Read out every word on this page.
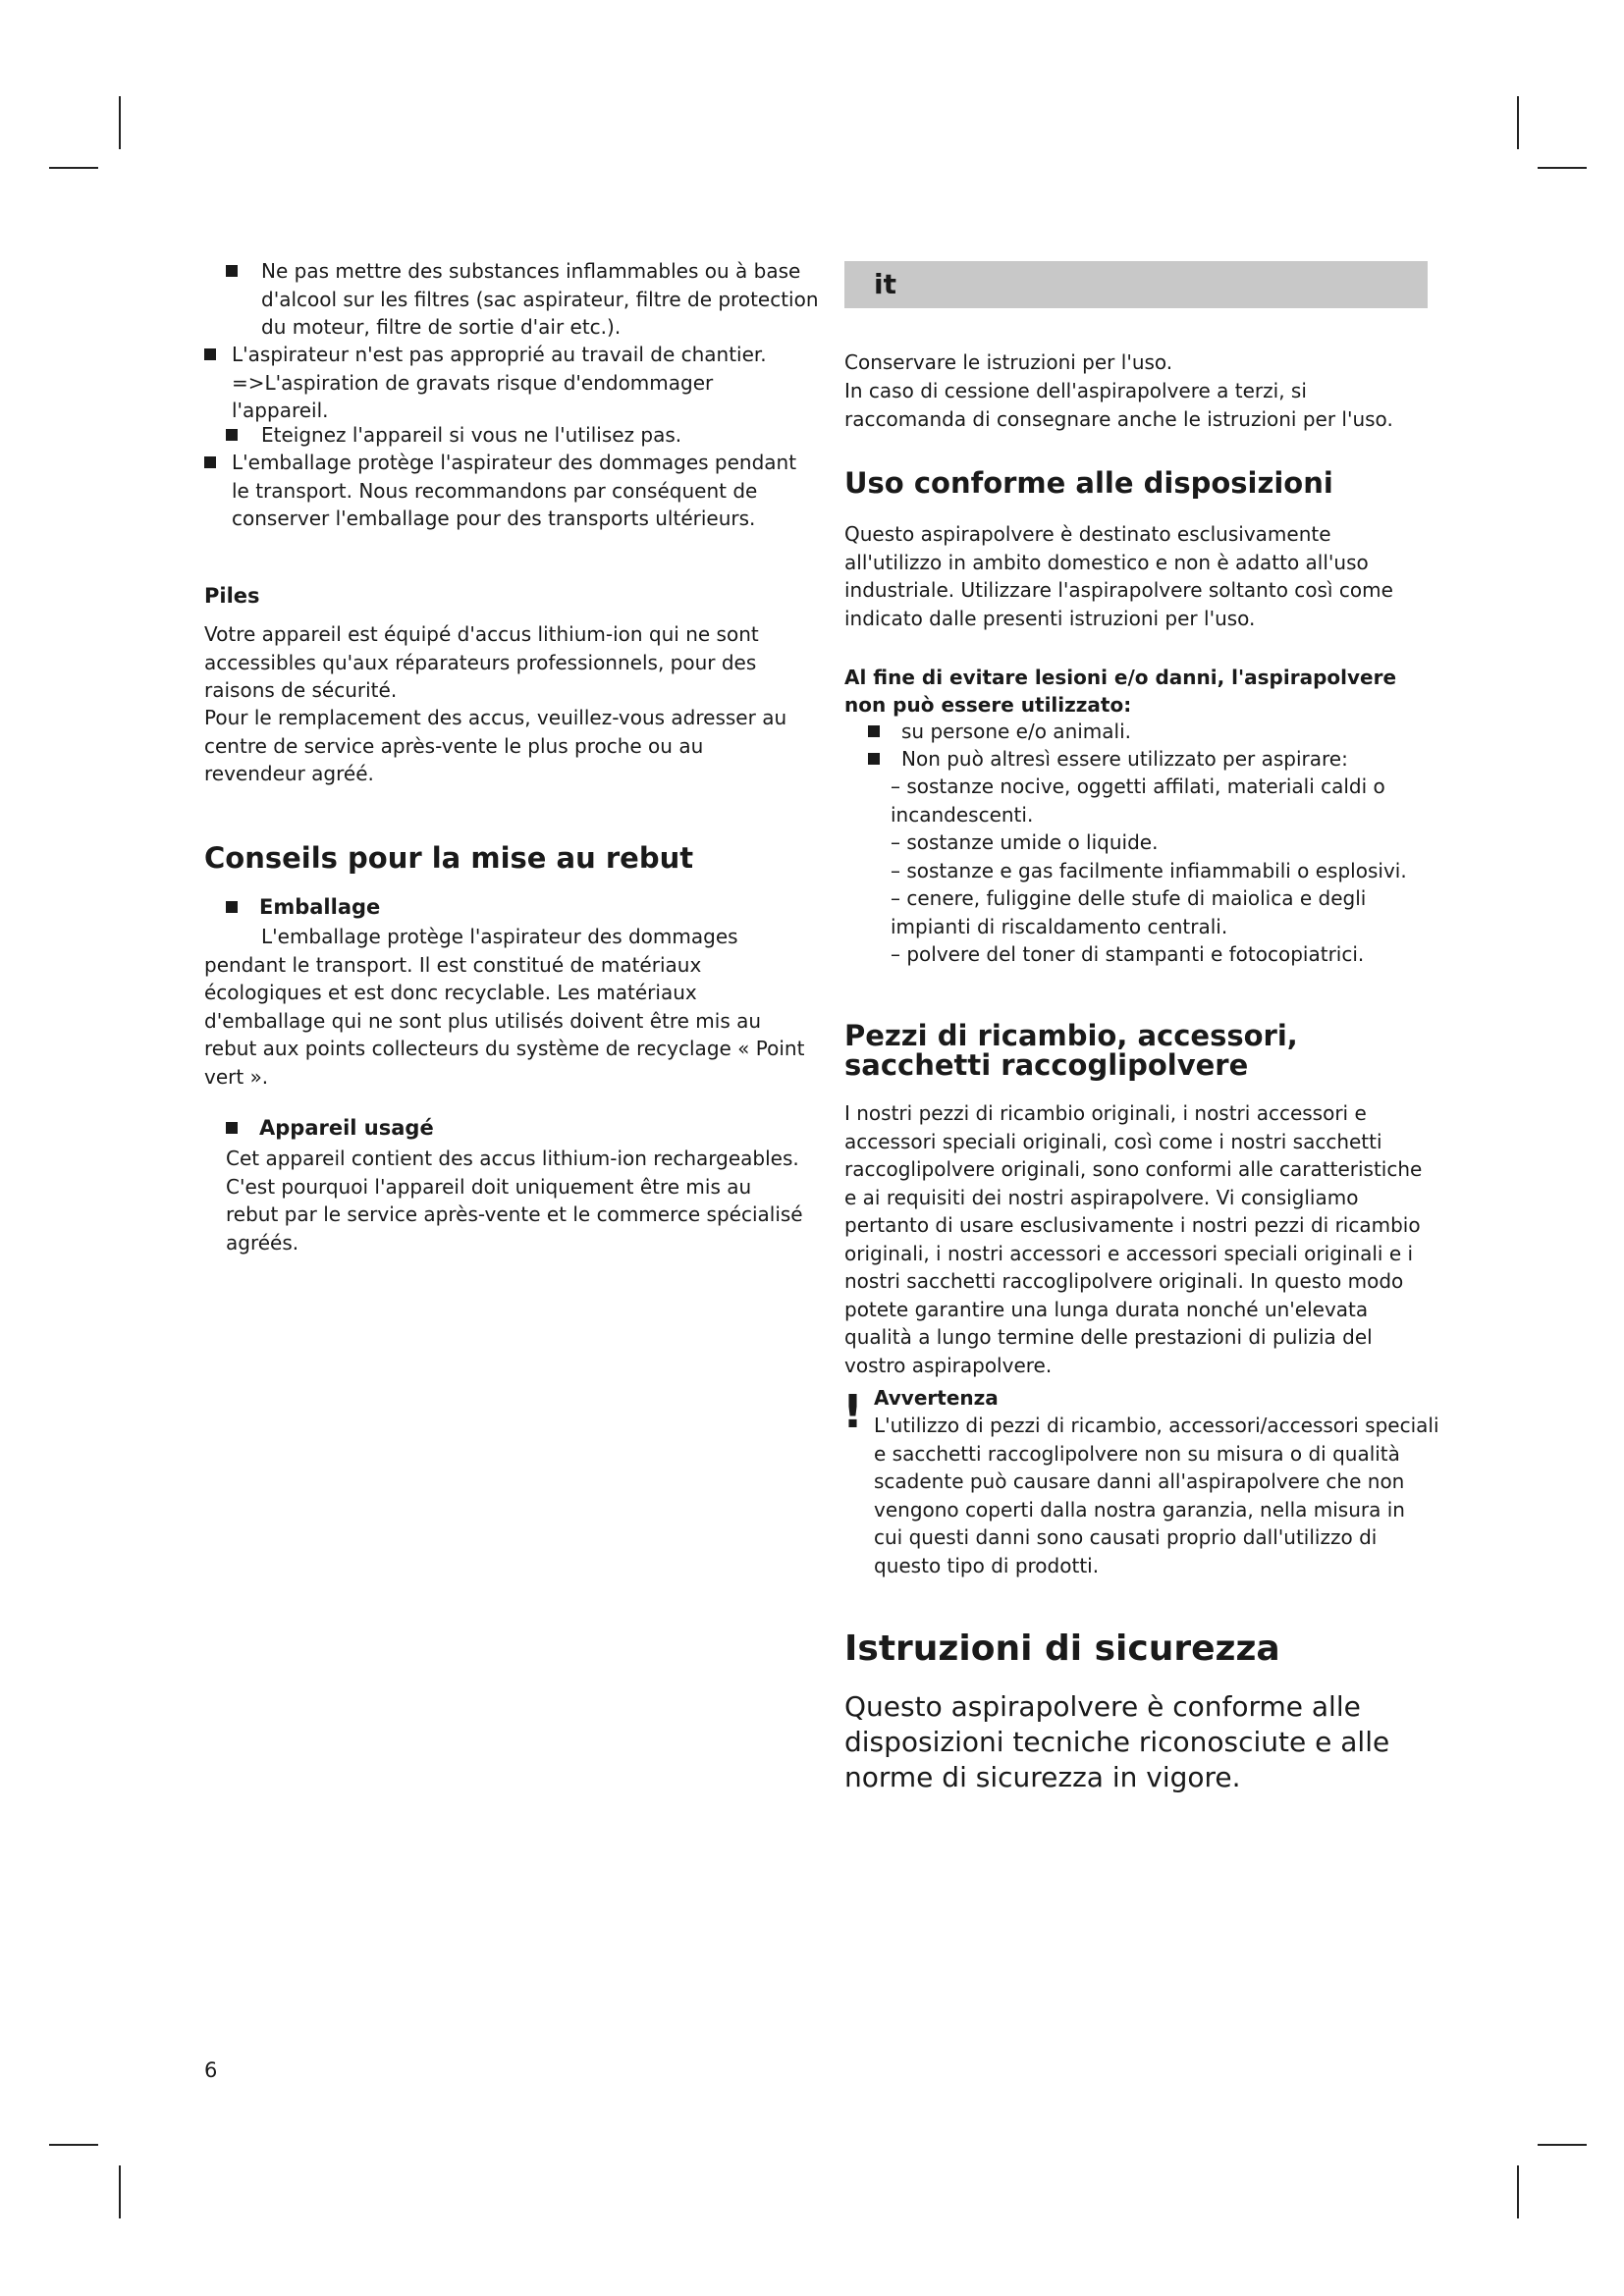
Ne pas mettre des substances inflammables ou à base d'alcool sur les filtres (sac aspirateur, filtre de protection du moteur, filtre de sortie d'air etc.).

L'aspirateur n'est pas approprié au travail de chantier. =>L'aspiration de gravats risque d'endommager l'appareil.

Eteignez l'appareil si vous ne l'utilisez pas.

L'emballage protège l'aspirateur des dommages pendant le transport. Nous recommandons par conséquent de conserver l'emballage pour des transports ultérieurs.

Piles

Votre appareil est équipé d'accus lithium-ion qui ne sont accessibles qu'aux réparateurs professionnels, pour des raisons de sécurité.

Pour le remplacement des accus, veuillez-vous adresser au centre de service après-vente le plus proche ou au revendeur agréé.

Conseils pour la mise au rebut
Emballage

L'emballage protège l'aspirateur des dommages pendant le transport. Il est constitué de matériaux écologiques et est donc recyclable. Les matériaux d'emballage qui ne sont plus utilisés doivent être mis au rebut aux points collecteurs du système de recyclage « Point vert ».

Appareil usagé

Cet appareil contient des accus lithium-ion rechargeables. C'est pourquoi l'appareil doit uniquement être mis au rebut par le service après-vente et le commerce spécialisé agréés.

it

Conservare le istruzioni per l'uso.

In caso di cessione dell'aspirapolvere a terzi, si raccomanda di consegnare anche le istruzioni per l'uso.

Uso conforme alle disposizioni

Questo aspirapolvere è destinato esclusivamente all'utilizzo in ambito domestico e non è adatto all'uso industriale. Utilizzare l'aspirapolvere soltanto così come indicato dalle presenti istruzioni per l'uso.

Al fine di evitare lesioni e/o danni, l'aspirapolvere non può essere utilizzato:

su persone e/o animali.
Non può altresì essere utilizzato per aspirare:

– sostanze nocive, oggetti affilati, materiali caldi o incandescenti.

– sostanze umide o liquide.

– sostanze e gas facilmente infiammabili o esplosivi.

– cenere, fuliggine delle stufe di maiolica e degli impianti di riscaldamento centrali.

– polvere del toner di stampanti e fotocopiatrici.

Pezzi di ricambio, accessori, sacchetti raccoglipolvere

I nostri pezzi di ricambio originali, i nostri accessori e accessori speciali originali, così come i nostri sacchetti raccoglipolvere originali, sono conformi alle caratteristiche e ai requisiti dei nostri aspirapolvere. Vi consigliamo pertanto di usare esclusivamente i nostri pezzi di ricambio originali, i nostri accessori e accessori speciali originali e i nostri sacchetti raccoglipolvere originali. In questo modo potete garantire una lunga durata nonché un'elevata qualità a lungo termine delle prestazioni di pulizia del vostro aspirapolvere.

! Avvertenza

L'utilizzo di pezzi di ricambio, accessori/accessori speciali e sacchetti raccoglipolvere non su misura o di qualità scadente può causare danni all'aspirapolvere che non vengono coperti dalla nostra garanzia, nella misura in cui questi danni sono causati proprio dall'utilizzo di questo tipo di prodotti.

Istruzioni di sicurezza

Questo aspirapolvere è conforme alle disposizioni tecniche riconosciute e alle norme di sicurezza in vigore.

6
